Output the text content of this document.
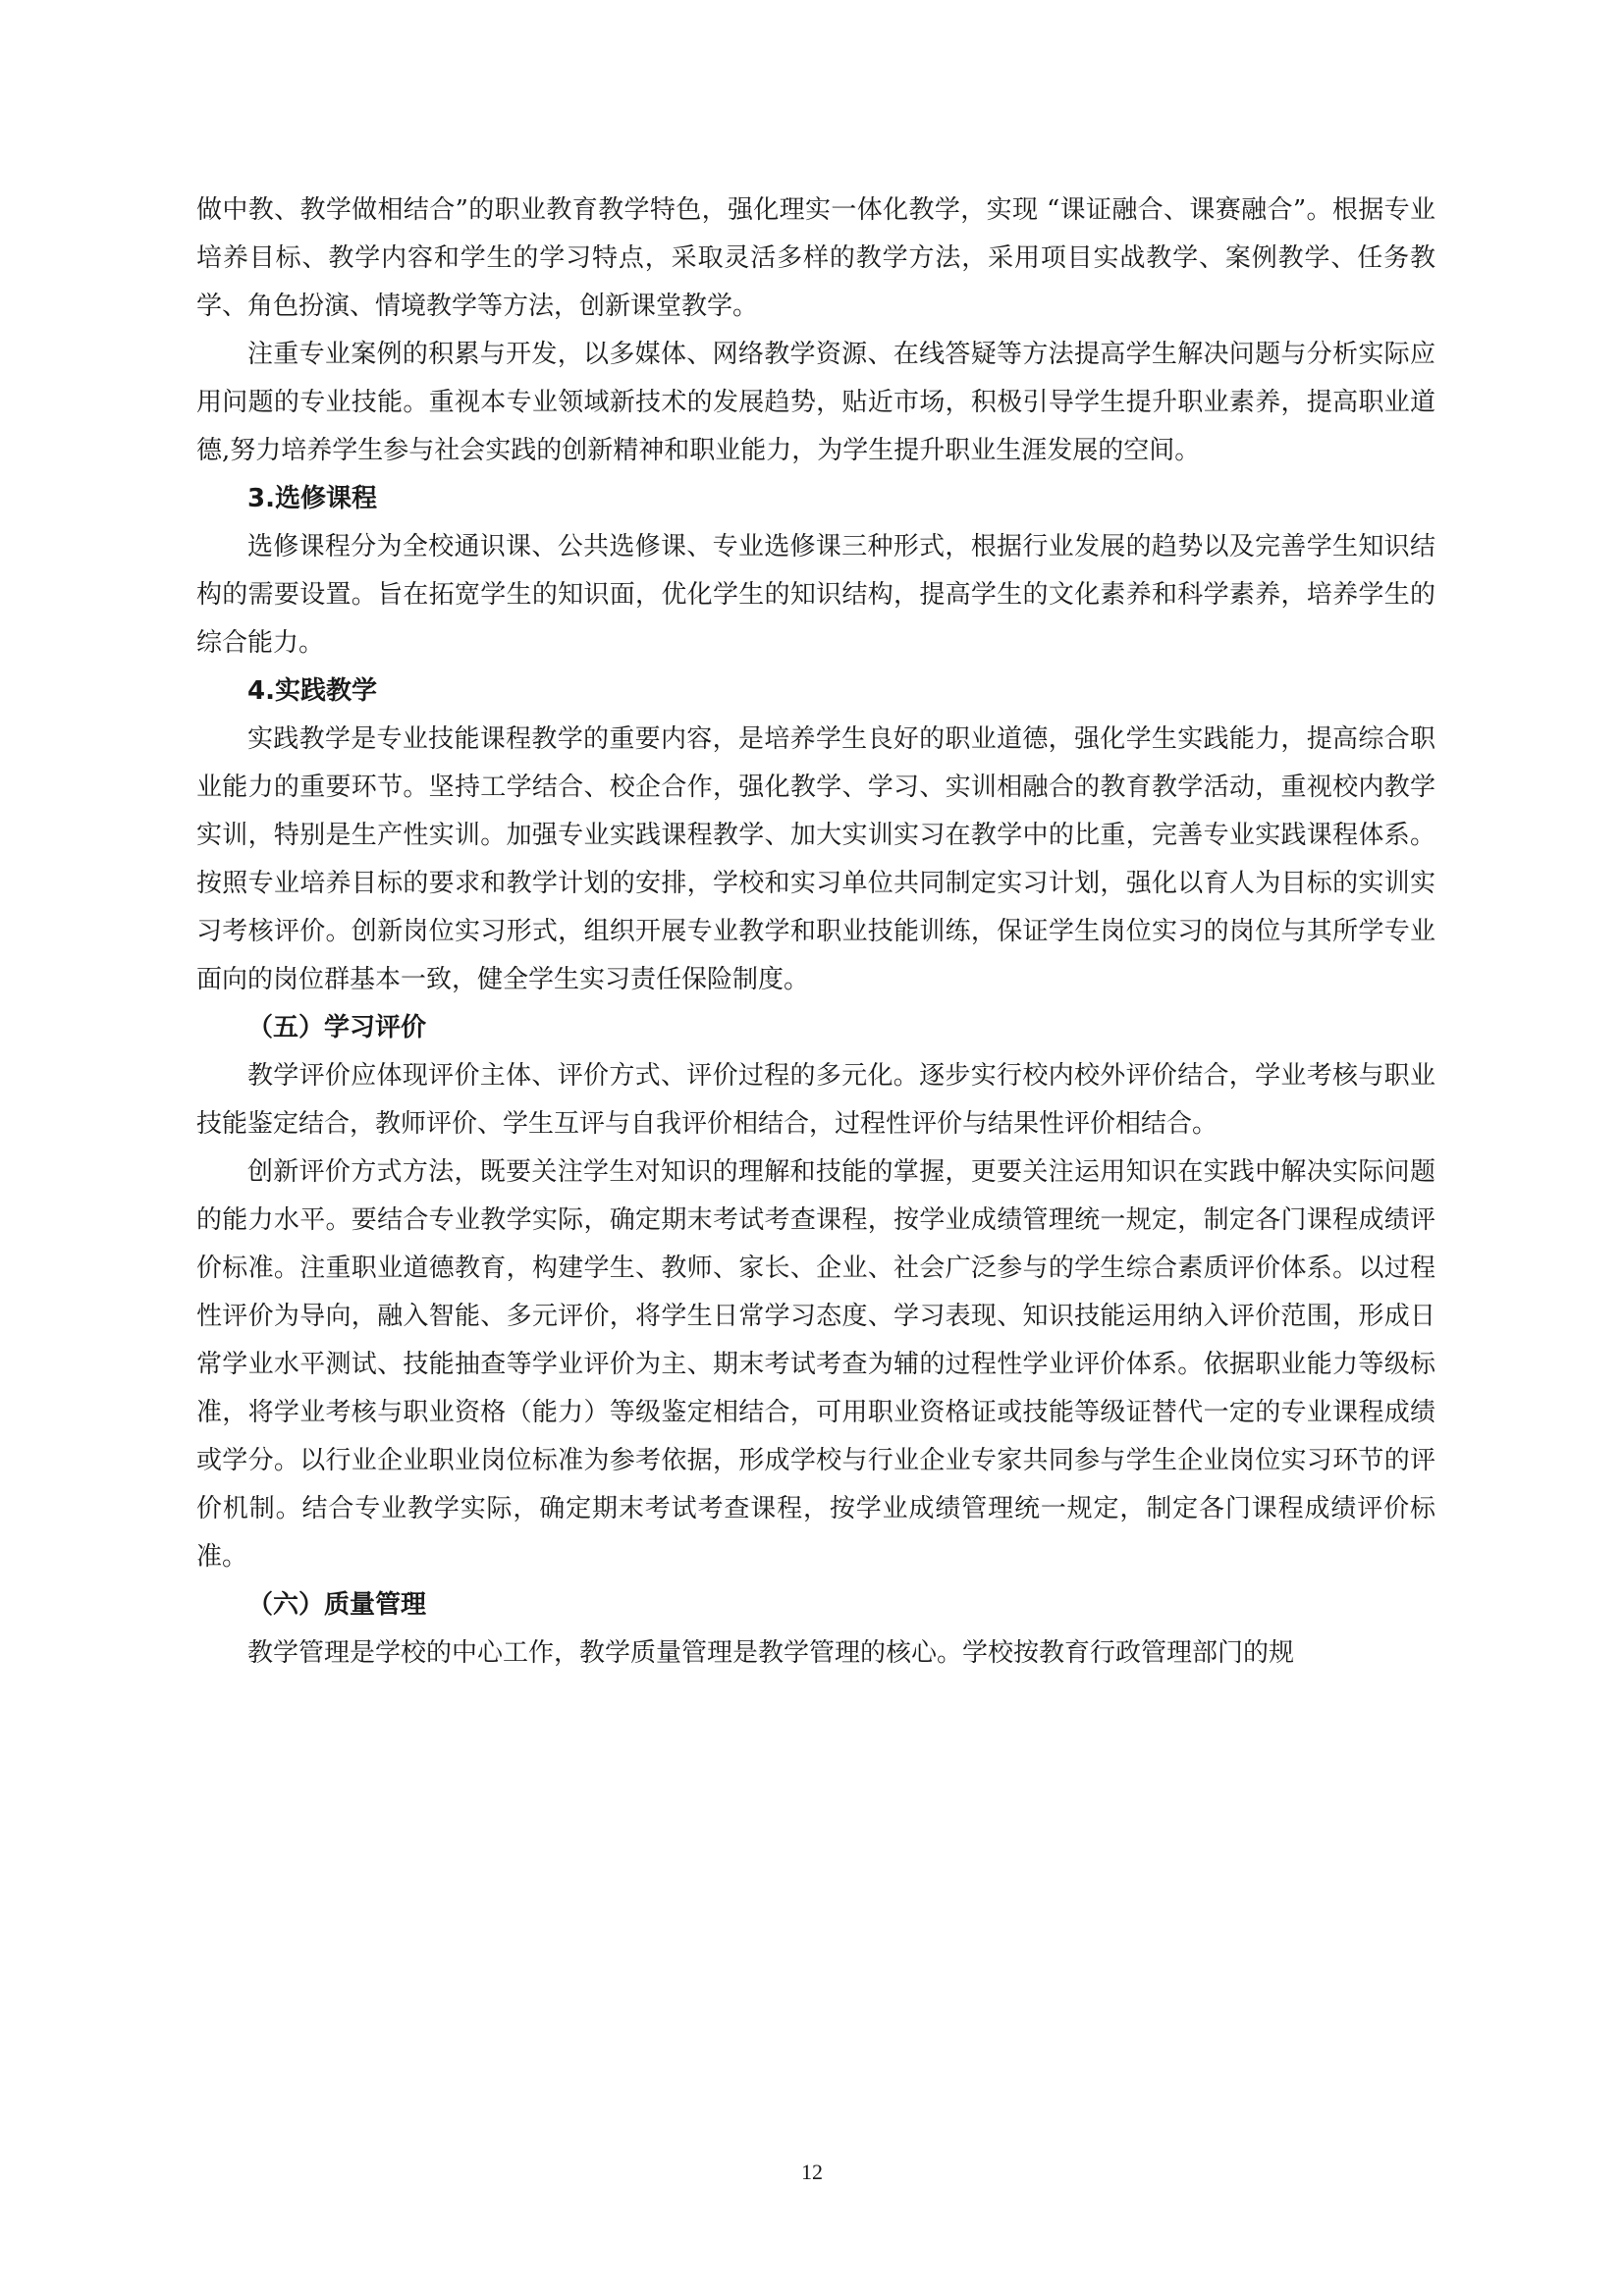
做中教、教学做相结合”的职业教育教学特色，强化理实一体化教学，实现 “课证融合、课赛融合”。根据专业培养目标、教学内容和学生的学习特点，采取灵活多样的教学方法，采用项目实战教学、案例教学、任务教学、角色扮演、情境教学等方法，创新课堂教学。

注重专业案例的积累与开发，以多媒体、网络教学资源、在线答疑等方法提高学生解决问题与分析实际应用问题的专业技能。重视本专业领域新技术的发展趋势，贴近市场，积极引导学生提升职业素养，提高职业道德,努力培养学生参与社会实践的创新精神和职业能力，为学生提升职业生涯发展的空间。

3.选修课程

选修课程分为全校通识课、公共选修课、专业选修课三种形式，根据行业发展的趋势以及完善学生知识结构的需要设置。旨在拓宽学生的知识面，优化学生的知识结构，提高学生的文化素养和科学素养，培养学生的综合能力。

4.实践教学

实践教学是专业技能课程教学的重要内容，是培养学生良好的职业道德，强化学生实践能力，提高综合职业能力的重要环节。坚持工学结合、校企合作，强化教学、学习、实训相融合的教育教学活动，重视校内教学实训，特别是生产性实训。加强专业实践课程教学、加大实训实习在教学中的比重，完善专业实践课程体系。按照专业培养目标的要求和教学计划的安排，学校和实习单位共同制定实习计划，强化以育人为目标的实训实习考核评价。创新岗位实习形式，组织开展专业教学和职业技能训练，保证学生岗位实习的岗位与其所学专业面向的岗位群基本一致，健全学生实习责任保险制度。

（五）学习评价

教学评价应体现评价主体、评价方式、评价过程的多元化。逐步实行校内校外评价结合，学业考核与职业技能鉴定结合，教师评价、学生互评与自我评价相结合，过程性评价与结果性评价相结合。

创新评价方式方法，既要关注学生对知识的理解和技能的掌握，更要关注运用知识在实践中解决实际问题的能力水平。要结合专业教学实际，确定期末考试考查课程，按学业成绩管理统一规定，制定各门课程成绩评价标准。注重职业道德教育，构建学生、教师、家长、企业、社会广泛参与的学生综合素质评价体系。以过程性评价为导向，融入智能、多元评价，将学生日常学习态度、学习表现、知识技能运用纳入评价范围，形成日常学业水平测试、技能抽查等学业评价为主、期末考试考查为辅的过程性学业评价体系。依据职业能力等级标准，将学业考核与职业资格（能力）等级鉴定相结合，可用职业资格证或技能等级证替代一定的专业课程成绩或学分。以行业企业职业岗位标准为参考依据，形成学校与行业企业专家共同参与学生企业岗位实习环节的评价机制。结合专业教学实际，确定期末考试考查课程，按学业成绩管理统一规定，制定各门课程成绩评价标准。

（六）质量管理

教学管理是学校的中心工作，教学质量管理是教学管理的核心。学校按教育行政管理部门的规

12
